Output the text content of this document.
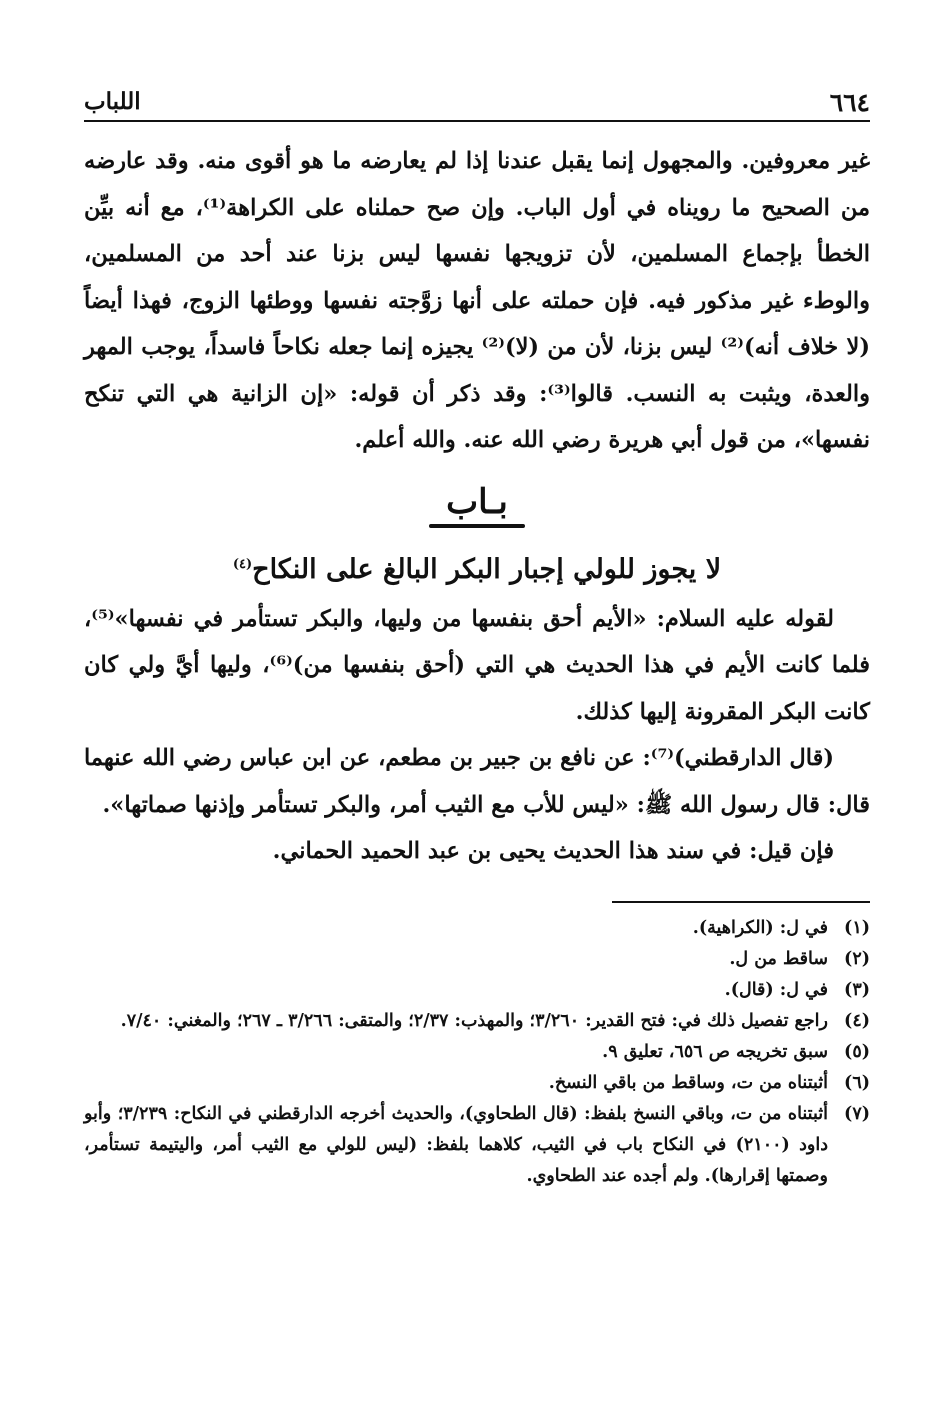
٦٦٤
اللباب

غير معروفين. والمجهول إنما يقبل عندنا إذا لم يعارضه ما هو أقوى منه. وقد عارضه من الصحيح ما رويناه في أول الباب. وإن صح حملناه على الكراهة⁽¹⁾، مع أنه بيِّن الخطأ بإجماع المسلمين، لأن تزويجها نفسها ليس بزنا عند أحد من المسلمين، والوطء غير مذكور فيه. فإن حملته على أنها زوَّجته نفسها ووطئها الزوج، فهذا أيضاً (لا خلاف أنه)⁽²⁾ ليس بزنا، لأن من (لا)⁽²⁾ يجيزه إنما جعله نكاحاً فاسداً، يوجب المهر والعدة، ويثبت به النسب. قالوا⁽³⁾: وقد ذكر أن قوله: «إن الزانية هي التي تنكح نفسها»، من قول أبي هريرة رضي الله عنه. والله أعلم.

بـاب
لا يجوز للولي إجبار البكر البالغ على النكاح$^{(٤)}$

لقوله عليه السلام: «الأيم أحق بنفسها من وليها، والبكر تستأمر في نفسها»⁽⁵⁾، فلما كانت الأيم في هذا الحديث هي التي (أحق بنفسها من)⁽⁶⁾، وليها أيَّ ولي كان كانت البكر المقرونة إليها كذلك.

(قال الدارقطني)⁽⁷⁾: عن نافع بن جبير بن مطعم، عن ابن عباس رضي الله عنهما قال: قال رسول الله ﷺ: «ليس للأب مع الثيب أمر، والبكر تستأمر وإذنها صماتها».

فإن قيل: في سند هذا الحديث يحيى بن عبد الحميد الحماني.

(١)
في ل: (الكراهية).
(٢)
ساقط من ل.
(٣)
في ل: (قال).
(٤)
راجع تفصيل ذلك في: فتح القدير: ٣/٢٦٠؛ والمهذب: ٢/٣٧؛ والمتقى: ٣/٢٦٦ ـ ٢٦٧؛ والمغني: ٧/٤٠.
(٥)
سبق تخريجه ص ٦٥٦، تعليق ٩.
(٦)
أثبتناه من ت، وساقط من باقي النسخ.
(٧)
أثبتناه من ت، وباقي النسخ بلفظ: (قال الطحاوي)، والحديث أخرجه الدارقطني في النكاح: ٣/٢٣٩؛ وأبو داود (٢١٠٠) في النكاح باب في الثيب، كلاهما بلفظ: (ليس للولي مع الثيب أمر، واليتيمة تستأمر، وصمتها إقرارها). ولم أجده عند الطحاوي.
